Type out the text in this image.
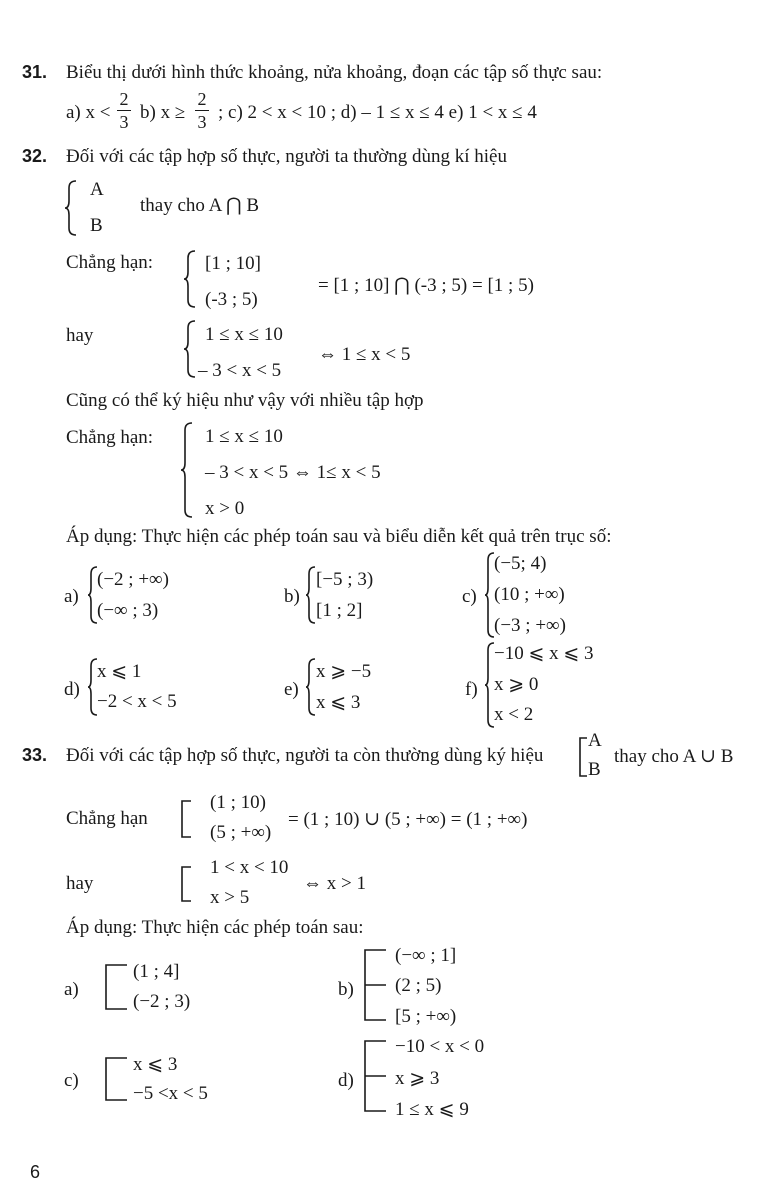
31. Biểu thị dưới hình thức khoảng, nửa khoảng, đoạn các tập số thực sau:
a) x <
2
3 b) x ≥
2
3 ; c) 2 < x < 10 ; d) – 1 ≤ x ≤ 4 e) 1 < x ≤ 4
32. Đối với các tập hợp số thực, người ta thường dùng kí hiệu
A
B
thay cho A ⋂ B
Chẳng hạn:	[1 ; 10]
(-3 ; 5)
= [1 ; 10] ⋂ (-3 ; 5) = [1 ; 5)
hay	1 ≤ x ≤ 10
– 3 < x < 5
⇔ 1 ≤ x < 5
Cũng có thể ký hiệu như vậy với nhiều tập hợp
Chẳng hạn:	1 ≤ x ≤ 10
– 3 < x < 5 ⇔ 1≤ x < 5
x > 0
Áp dụng: Thực hiện các phép toán sau và biểu diễn kết quả trên trục số:
a)
(−2 ; +∞)
(−∞ ; 3)
b)
[−5 ; 3)
[1 ; 2]
c)
(−5; 4)
(10 ; +∞)
(−3 ; +∞)
d)
x ⩽ 1
−2 < x < 5
e)
x ⩾ −5
x ⩽ 3
f)
−10 ⩽ x ⩽ 3
x ⩾ 0
x < 2
33. Đối với các tập hợp số thực, người ta còn thường dùng ký hiệu
A
B
thay cho A ∪ B
Chẳng hạn
(1 ; 10)
(5 ; +∞)
= (1 ; 10) ∪ (5 ; +∞) = (1 ; +∞)
hay
1 < x < 10
x > 5
⇔ x > 1
Áp dụng: Thực hiện các phép toán sau:
a)
(1 ; 4]
(−2 ; 3)
b)
(−∞ ; 1]
(2 ; 5)
[5 ; +∞)
c)
x ⩽ 3
−5 <x < 5
d)
−10 < x < 0
x ⩾ 3
1 ≤ x ⩽ 9
6
